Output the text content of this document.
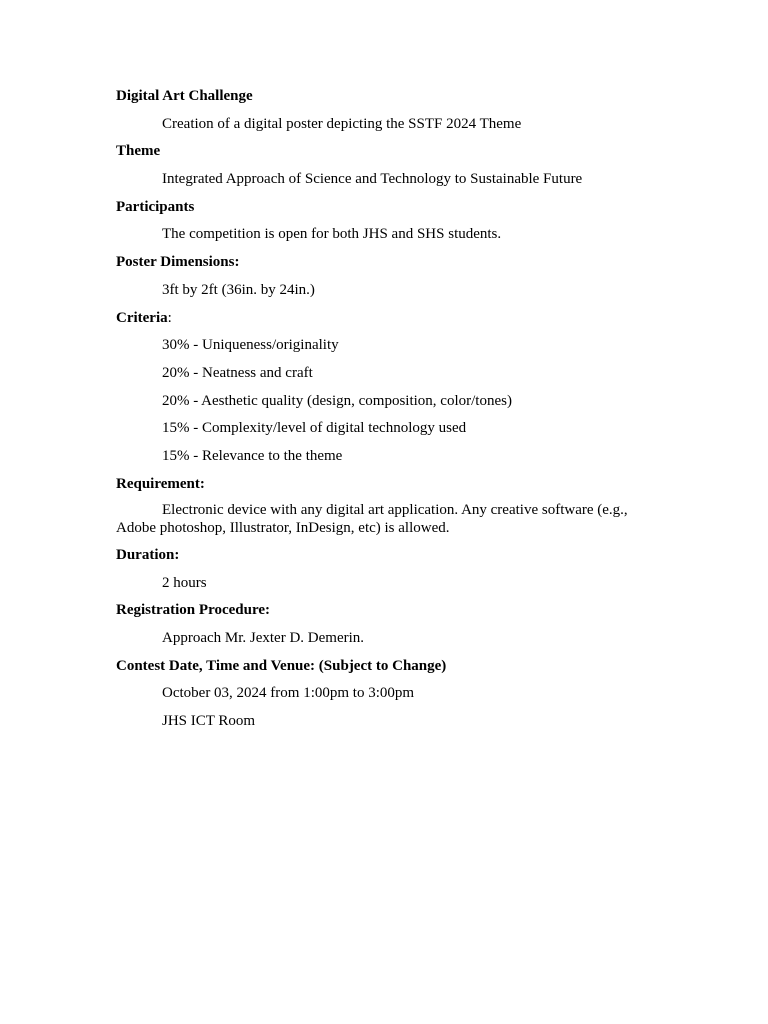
Digital Art Challenge
Creation of a digital poster depicting the SSTF 2024 Theme
Theme
Integrated Approach of Science and Technology to Sustainable Future
Participants
The competition is open for both JHS and SHS students.
Poster Dimensions:
3ft by 2ft (36in. by 24in.)
Criteria:
30% - Uniqueness/originality
20% - Neatness and craft
20% - Aesthetic quality (design, composition, color/tones)
15% - Complexity/level of digital technology used
15% - Relevance to the theme
Requirement:
Electronic device with any digital art application. Any creative software (e.g., Adobe photoshop, Illustrator, InDesign, etc) is allowed.
Duration:
2 hours
Registration Procedure:
Approach Mr. Jexter D. Demerin.
Contest Date, Time and Venue: (Subject to Change)
October 03, 2024 from 1:00pm to 3:00pm
JHS ICT Room
